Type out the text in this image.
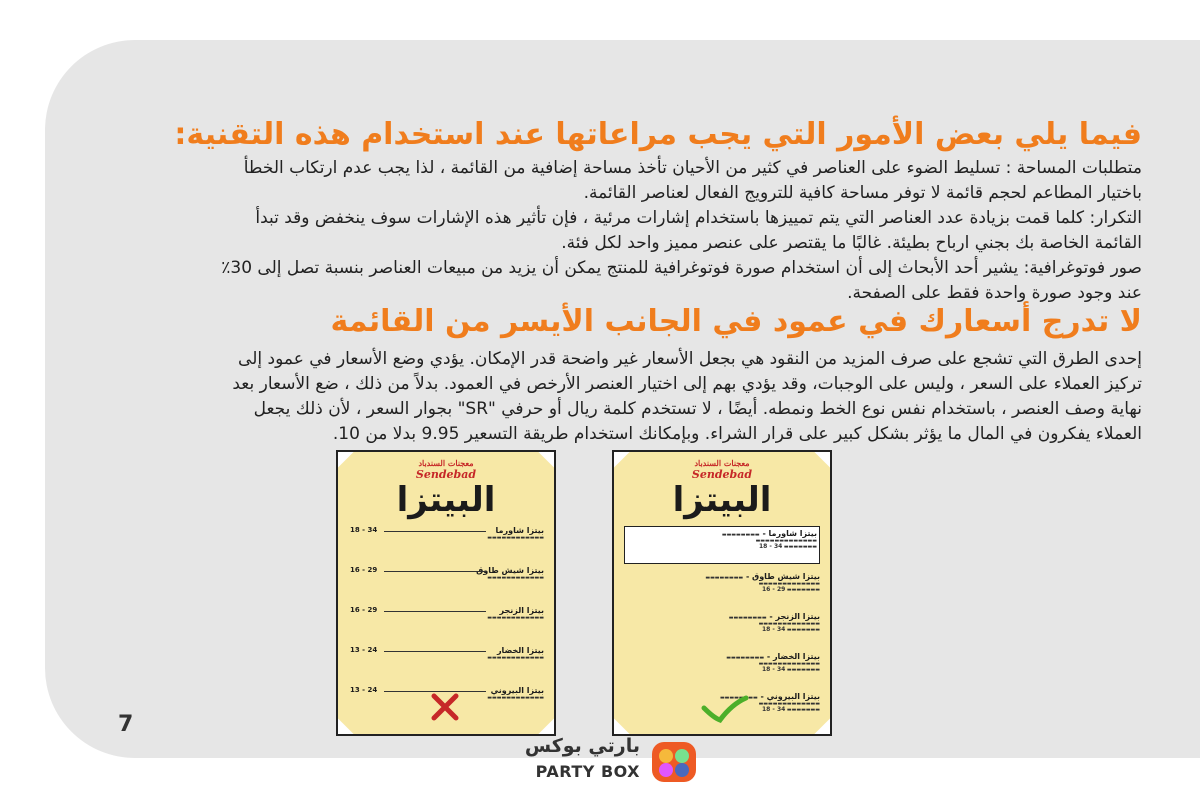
فيما يلي بعض الأمور التي يجب مراعاتها عند استخدام هذه التقنية:

متطلبات المساحة : تسليط الضوء على العناصر في كثير من الأحيان تأخذ مساحة إضافية من القائمة ، لذا يجب عدم ارتكاب الخطأ

باختيار المطاعم لحجم قائمة لا توفر مساحة كافية للترويج الفعال لعناصر القائمة.

التكرار: كلما قمت بزيادة عدد العناصر التي يتم تمييزها باستخدام إشارات مرئية ، فإن تأثير هذه الإشارات سوف ينخفض وقد تبدأ

القائمة الخاصة بك بجني ارباح بطيئة. غالبًا ما يقتصر على عنصر مميز واحد لكل فئة.

صور فوتوغرافية: يشير أحد الأبحاث إلى أن استخدام صورة فوتوغرافية للمنتج يمكن أن يزيد من مبيعات العناصر بنسبة تصل إلى 30٪

عند وجود صورة واحدة فقط على الصفحة.

لا تدرج أسعارك في عمود في الجانب الأيسر من القائمة

إحدى الطرق التي تشجع على صرف المزيد من النقود هي بجعل الأسعار غير واضحة قدر الإمكان. يؤدي وضع الأسعار في عمود إلى

تركيز العملاء على السعر ، وليس على الوجبات، وقد يؤدي بهم إلى اختيار العنصر الأرخص في العمود. بدلاً من ذلك ، ضع الأسعار بعد

نهاية وصف العنصر ، باستخدام نفس نوع الخط ونمطه. أيضًا ، لا تستخدم كلمة ريال أو حرفي "SR" بجوار السعر ، لأن ذلك يجعل

العملاء يفكرون في المال ما يؤثر بشكل كبير على قرار الشراء. وبإمكانك استخدام طريقة التسعير 9.95 بدلا من 10.

معجنات السندباد
Sendebad
البيتزا
بيتزا شاورما
18 - 34
▬▬▬▬▬▬▬▬▬▬▬▬
بيتزا شيش طاوق
16 - 29
▬▬▬▬▬▬▬▬▬▬▬▬
بيتزا الزنجر
16 - 29
▬▬▬▬▬▬▬▬▬▬▬▬
بيتزا الخضار
13 - 24
▬▬▬▬▬▬▬▬▬▬▬▬
بيتزا البيروني
13 - 24
▬▬▬▬▬▬▬▬▬▬▬▬
معجنات السندباد
Sendebad
البيتزا
بيتزا شاورما - ▬▬▬▬▬▬▬▬
▬▬▬▬▬▬▬▬▬▬▬▬▬
▬▬▬▬▬▬▬ 34 - 18
بيتزا شيش طاوق - ▬▬▬▬▬▬▬▬
▬▬▬▬▬▬▬▬▬▬▬▬▬
▬▬▬▬▬▬▬ 29 - 16
بيتزا الزنجر - ▬▬▬▬▬▬▬▬
▬▬▬▬▬▬▬▬▬▬▬▬▬
▬▬▬▬▬▬▬ 34 - 18
بيتزا الخضار - ▬▬▬▬▬▬▬▬
▬▬▬▬▬▬▬▬▬▬▬▬▬
▬▬▬▬▬▬▬ 34 - 18
بيتزا البيروني - ▬▬▬▬▬▬▬▬
▬▬▬▬▬▬▬▬▬▬▬▬▬
▬▬▬▬▬▬▬ 34 - 18
7
بارتي بوكس
PARTY BOX
